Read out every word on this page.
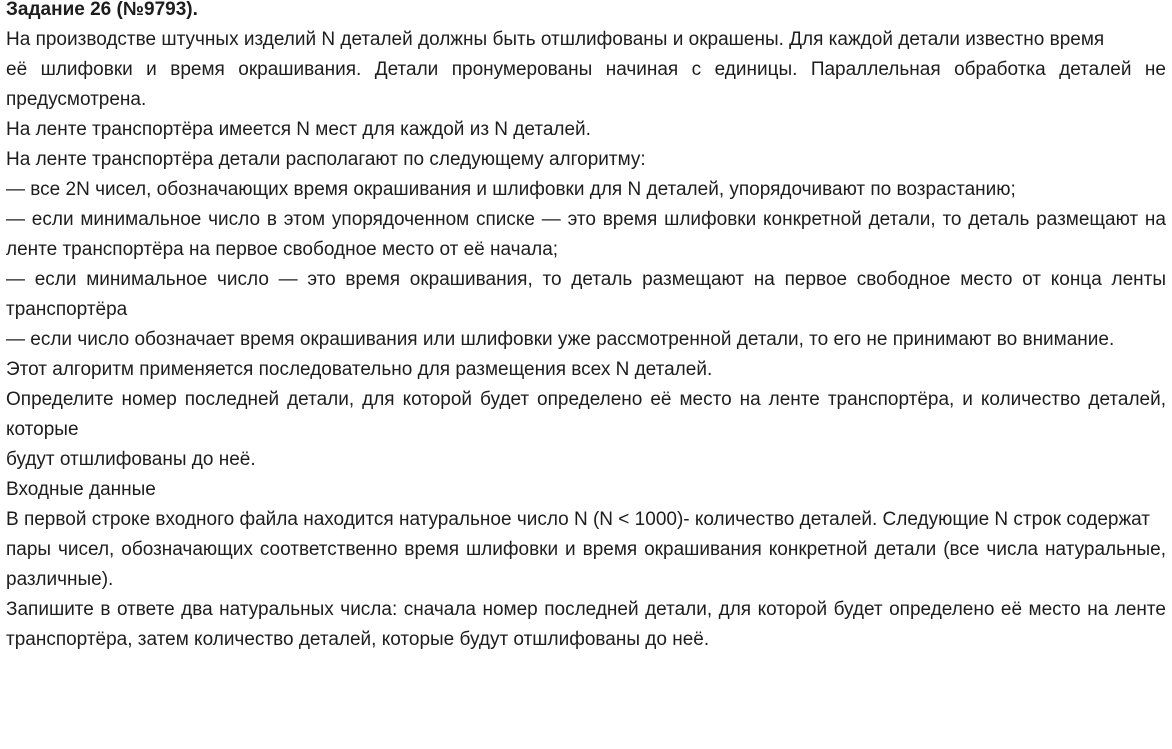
Задание 26 (№9793).

На производстве штучных изделий N деталей должны быть отшлифованы и окрашены. Для каждой детали известно время

её шлифовки и время окрашивания. Детали пронумерованы начиная с единицы. Параллельная обработка деталей не предусмотрена.

На ленте транспортёра имеется N мест для каждой из N деталей.

На ленте транспортёра детали располагают по следующему алгоритму:

— все 2N чисел, обозначающих время окрашивания и шлифовки для N деталей, упорядочивают по возрастанию;

— если минимальное число в этом упорядоченном списке — это время шлифовки конкретной детали, то деталь размещают на ленте транспортёра на первое свободное место от её начала;

— если минимальное число — это время окрашивания, то деталь размещают на первое свободное место от конца ленты транспортёра

— если число обозначает время окрашивания или шлифовки уже рассмотренной детали, то его не принимают во внимание.

Этот алгоритм применяется последовательно для размещения всех N деталей.

Определите номер последней детали, для которой будет определено её место на ленте транспортёра, и количество деталей, которые

будут отшлифованы до неё.

Входные данные

В первой строке входного файла находится натуральное число N (N < 1000)- количество деталей. Следующие N строк содержат

пары чисел, обозначающих соответственно время шлифовки и время окрашивания конкретной детали (все числа натуральные, различные).

Запишите в ответе два натуральных числа: сначала номер последней детали, для которой будет определено её место на ленте транспортёра, затем количество деталей, которые будут отшлифованы до неё.
